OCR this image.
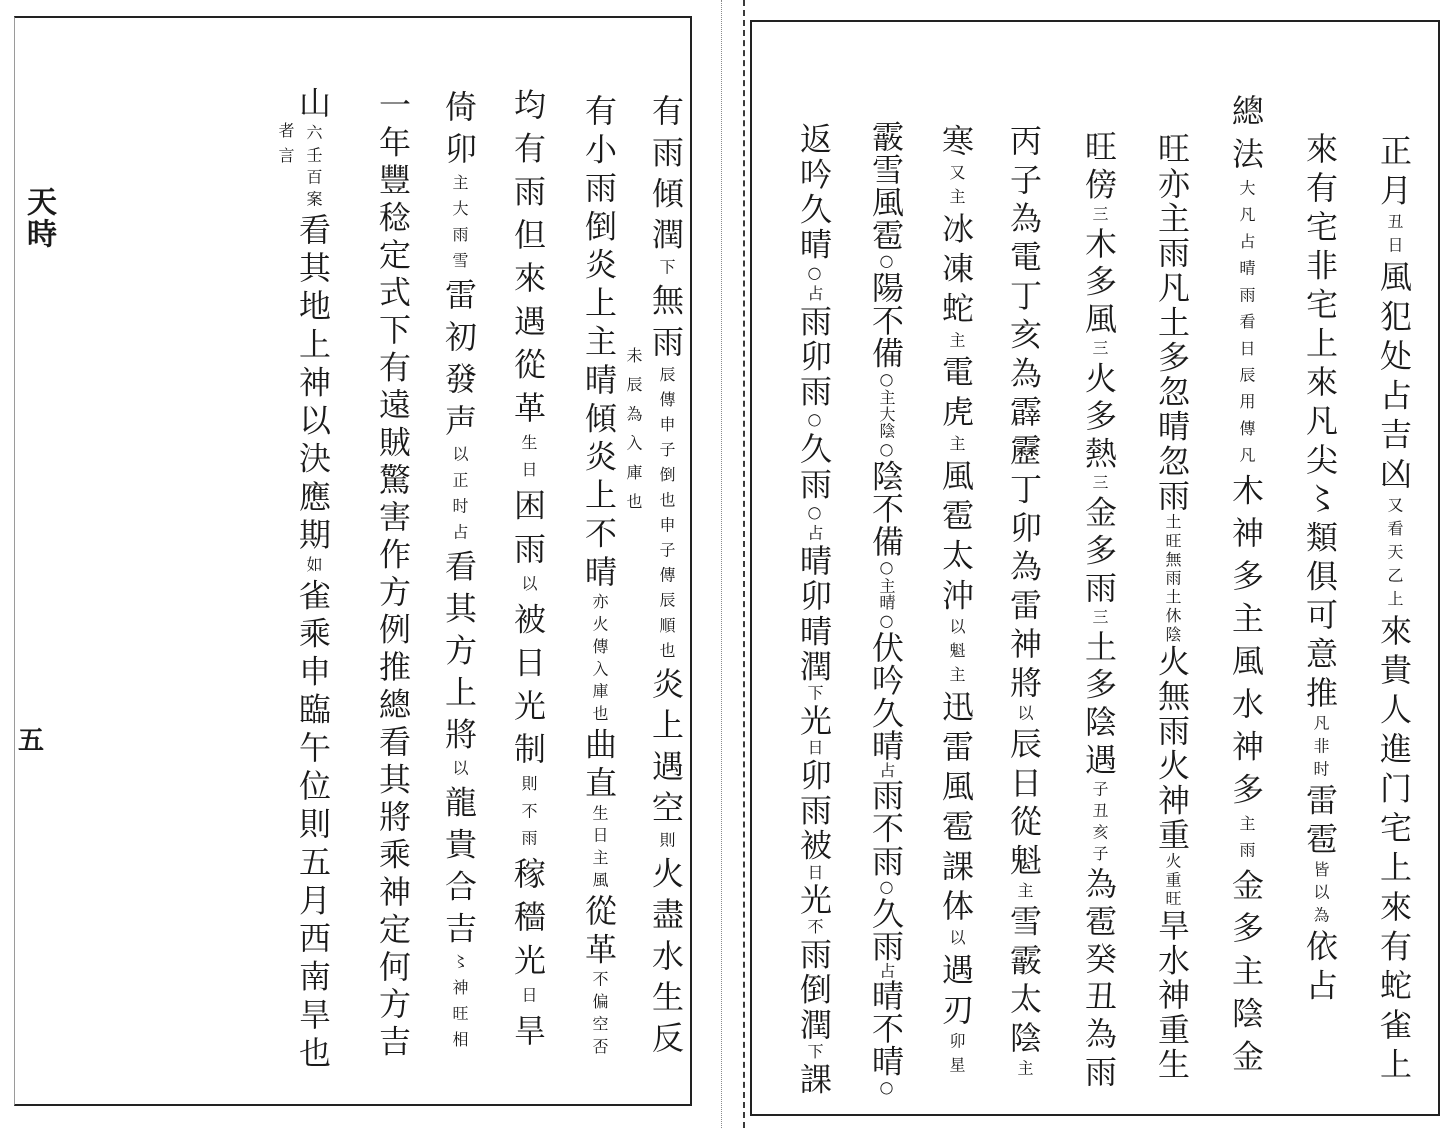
有雨傾潤下無雨辰傳申子倒也申子傳辰順也炎上遇空則火盡水生反
有小雨倒炎上主晴傾炎上不晴亦火傳入庫也曲直生日主風從革不偏空否
均有雨但來遇從革生日困雨以被日光制則不雨稼穡光日旱
倚卯主大雨雪雷初發声以正时占看其方上將以龍貴合吉〻神旺相
一年豐稔定式下有遠賊驚害作方例推總看其將乘神定何方吉
山六壬百案看其地上神以決應期如雀乘申臨午位則五月西南旱也
未辰為入庫也
者言	正月丑日風犯处占吉凶又看天乙上來貴人進门宅上來有蛇雀上
來有宅非宅上來凡尖〻類俱可意推凡非时雷雹皆以為依占
總法大凡占晴雨看日辰用傳凡木神多主風水神多主雨金多主陰金
旺亦主雨凡土多忽晴忽雨土旺無雨土休陰火無雨火神重火重旺旱水神重生
旺傍三木多風三火多熱三金多雨三土多陰遇子丑亥子為雹癸丑為雨
丙子為電丁亥為霹靂丁卯為雷神將以辰日從魁主雪霰太陰主
寒又主冰凍蛇主電虎主風雹太沖以魁主迅雷風雹課体以遇刃卯星
霰雪風雹○陽不備○主大陰○陰不備○主晴○伏吟久晴占雨不雨○久雨占晴不晴○
返吟久晴○占雨卯雨○久雨○占晴卯晴潤下光日卯雨被日光不雨倒潤下課
天時
五
